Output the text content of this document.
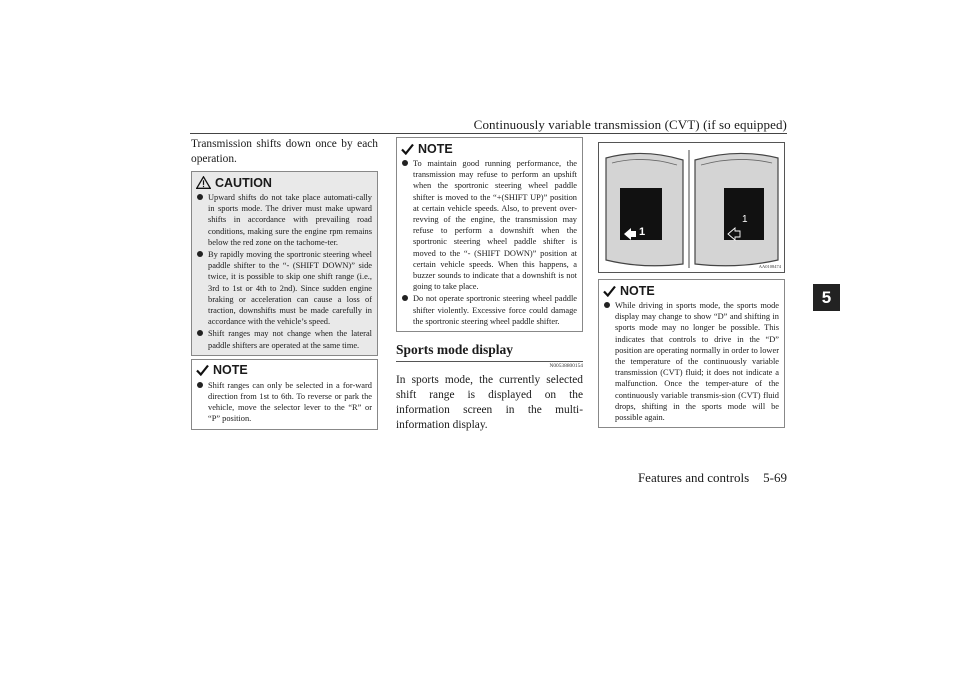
Continuously variable transmission (CVT) (if so equipped)
5

Transmission shifts down once by each operation.

CAUTION
Upward shifts do not take place automati-cally in sports mode. The driver must make upward shifts in accordance with prevailing road conditions, making sure the engine rpm remains below the red zone on the tachome-ter.
By rapidly moving the sportronic steering wheel paddle shifter to the “- (SHIFT DOWN)” side twice, it is possible to skip one shift range (i.e., 3rd to 1st or 4th to 2nd). Since sudden engine braking or acceleration can cause a loss of traction, downshifts must be made carefully in accordance with the vehicle’s speed.
Shift ranges may not change when the lateral paddle shifters are operated at the same time.
NOTE
Shift ranges can only be selected in a for-ward direction from 1st to 6th. To reverse or park the vehicle, move the selector lever to the “R” or “P” position.
NOTE
To maintain good running performance, the transmission may refuse to perform an upshift when the sportronic steering wheel paddle shifter is moved to the “+(SHIFT UP)” position at certain vehicle speeds. Also, to prevent over-revving of the engine, the transmission may refuse to perform a downshift when the sportronic steering wheel paddle shifter is moved to the “- (SHIFT DOWN)” position at certain vehicle speeds. When this happens, a buzzer sounds to indicate that a downshift is not going to take place.
Do not operate sportronic steering wheel paddle shifter violently. Excessive force could damage the sportronic steering wheel paddle shifter.
Sports mode display
N00538800154
In sports mode, the currently selected shift range is displayed on the information screen in the multi-information display.
1
1
AA0108474
NOTE
While driving in sports mode, the sports mode display may change to show “D” and shifting in sports mode may no longer be possible. This indicates that controls to drive in the “D” position are operating normally in order to lower the temperature of the continuously variable transmission (CVT) fluid; it does not indicate a malfunction. Once the temper-ature of the continuously variable transmis-sion (CVT) fluid drops, shifting in the sports mode will be possible again.
Features and controls 5-69
